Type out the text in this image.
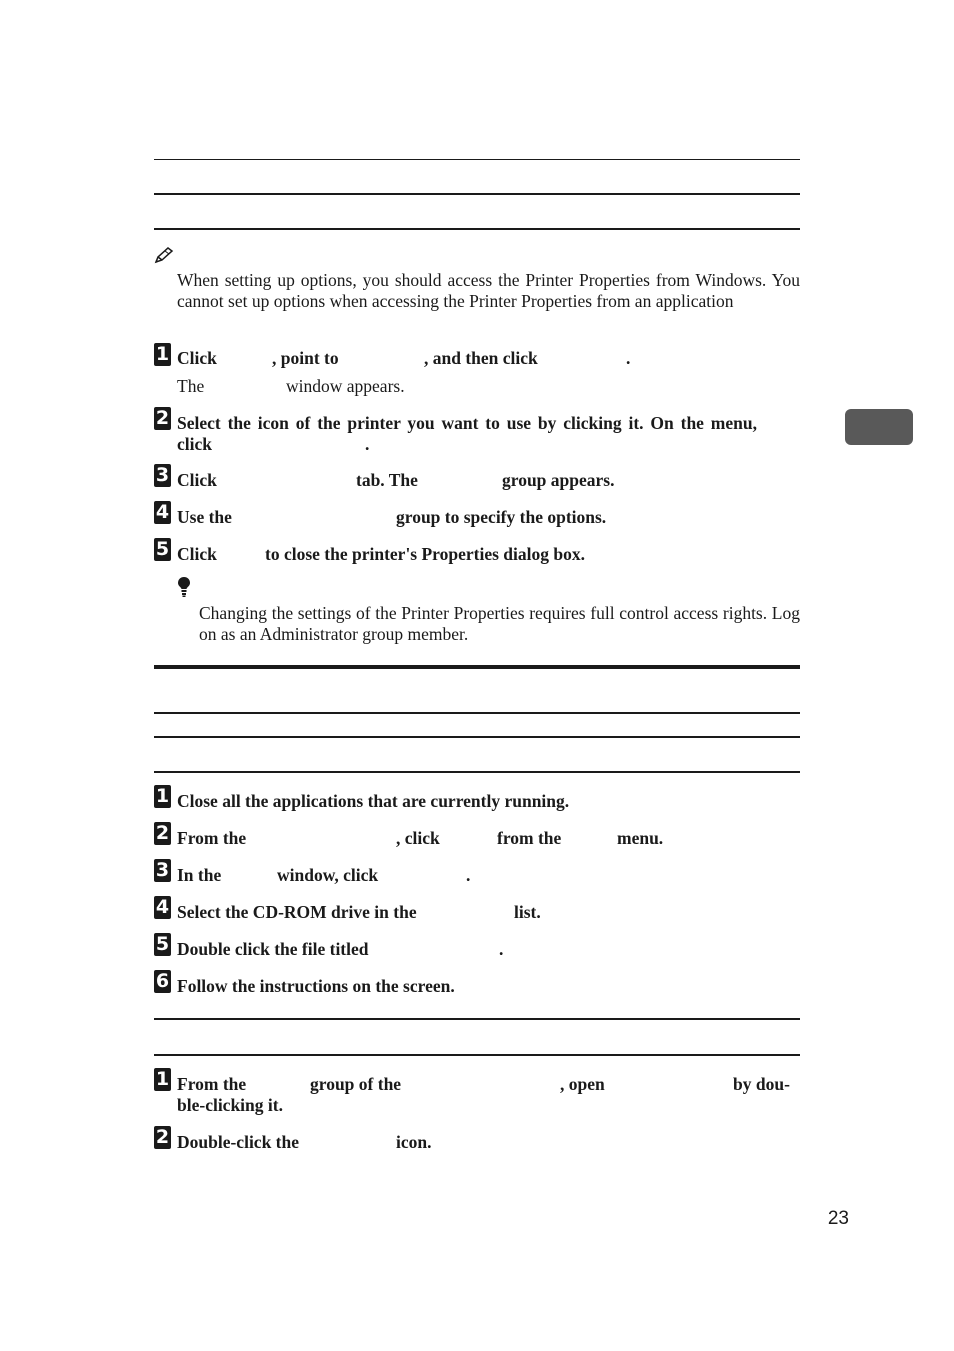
When setting up options, you should access the Printer Properties from Windows. You cannot set up options when accessing the Printer Properties from an application
1 Click	, point to	, and then click	.
The	window appears.
2 Select the icon of the printer you want to use by clicking it. On the menu, click	.
3 Click	tab. The	group appears.
4 Use the	group to specify the options.
5 Click	to close the printer's Properties dialog box.
Changing the settings of the Printer Properties requires full control access rights. Log on as an Administrator group member.
1 Close all the applications that are currently running.
2 From the	, click	from the	menu.
3 In the	window, click	.
4 Select the CD-ROM drive in the	list.
5 Double click the file titled	.
6 Follow the instructions on the screen.
1 From the	group of the	, open	by dou-
ble-clicking it.
2 Double-click the	icon.
23
